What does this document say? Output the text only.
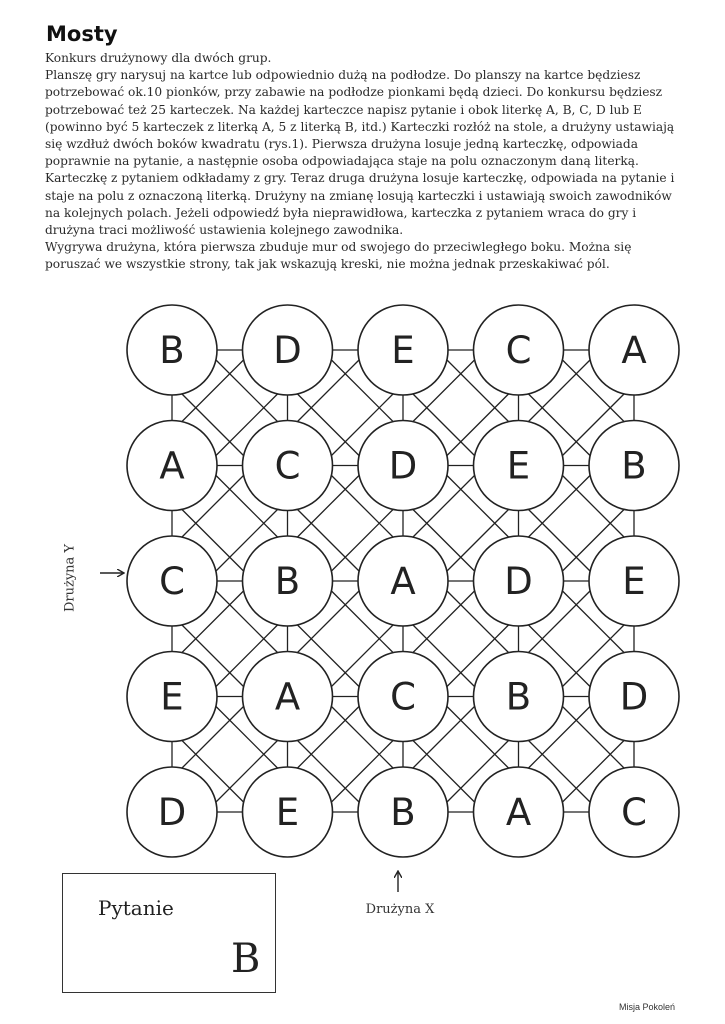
Mosty

Konkurs drużynowy dla dwóch grup.

Planszę gry narysuj na kartce lub odpowiednio dużą na podłodze. Do planszy na kartce będziesz potrzebować ok.10 pionków, przy zabawie na podłodze pionkami będą dzieci. Do konkursu będziesz potrzebować też 25 karteczek. Na każdej karteczce napisz pytanie i obok literkę A, B, C, D lub E (powinno być 5 karteczek z literką A, 5 z literką B, itd.) Karteczki rozłóż na stole, a drużyny ustawiają się wzdłuż dwóch boków kwadratu (rys.1). Pierwsza drużyna losuje jedną karteczkę, odpowiada poprawnie na pytanie, a następnie osoba odpowiadająca staje na polu oznaczonym daną literką. Karteczkę z pytaniem odkładamy z gry. Teraz druga drużyna losuje karteczkę, odpowiada na pytanie i staje na polu z oznaczoną literką. Drużyny na zmianę losują karteczki i ustawiają swoich zawodników na kolejnych polach. Jeżeli odpowiedź była nieprawidłowa, karteczka z pytaniem wraca do gry i drużyna traci możliwość ustawienia kolejnego zawodnika.

Wygrywa drużyna, która pierwsza zbuduje mur od swojego do przeciwległego boku. Można się poruszać we wszystkie strony, tak jak wskazują kreski, nie można jednak przeskakiwać pól.

B D E C A
A C D E B
C B A D E
E A C B D
D E B A C
Drużyna Y
Drużyna X
Pytanie
B
Misja Pokoleń
